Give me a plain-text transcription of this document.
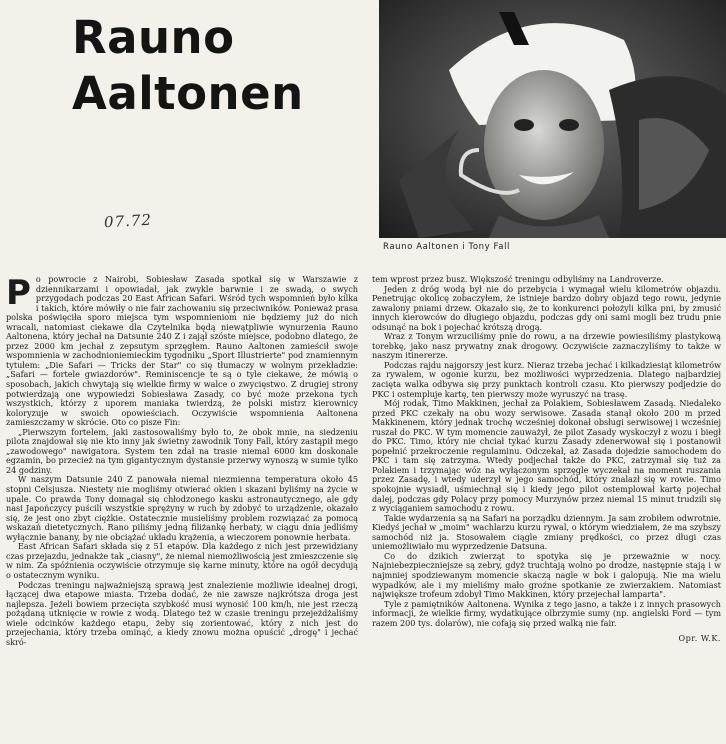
Rauno
Aaltonen
Rauno Aaltonen i Tony Fall
07.72

Po powrocie z Nairobi, Sobiesław Zasada spotkał się w Warszawie z dziennikarzami i opowiadał, jak zwykle barwnie i ze swadą, o swych przygodach podczas 20 East African Safari. Wśród tych wspomnień było kilka i takich, które mówiły o nie fair zachowaniu się przeciwników. Ponieważ prasa polska poświęciła sporo miejsca tym wspomnieniom nie będziemy już do nich wracali, natomiast ciekawe dla Czytelnika będą niewątpliwie wynurzenia Rauno Aaltonena, który jechał na Datsunie 240 Z i zajął szóste miejsce, podobno dlatego, że przez 2000 km jechał z zepsutym sprzęgłem. Rauno Aaltonen zamieścił swoje wspomnienia w zachodnioniemieckim tygodniku „Sport Illustrierte" pod znamiennym tytułem: „Die Safari — Tricks der Star" co się tłumaczy w wolnym przekładzie: „Safari — fortele gwiazdorów". Reminiscencje te są o tyle ciekawe, że mówią o sposobach, jakich chwytają się wielkie firmy w walce o zwycięstwo. Z drugiej strony potwierdzają one wypowiedzi Sobiesława Zasady, co być może przekona tych wszystkich, którzy z uporem maniaka twierdzą, że polski mistrz kierownicy koloryzuje w swoich opowieściach. Oczywiście wspomnienia Aaltonena zamieszczamy w skrócie. Oto co pisze Fin:

„Pierwszym fortelem, jaki zastosowaliśmy było to, że obok mnie, na siedzeniu pilota znajdował się nie kto inny jak świetny zawodnik Tony Fall, który zastąpił mego „zawodowego" nawigatora. System ten zdał na trasie niemal 6000 km doskonale egzamin, bo przecież na tym gigantycznym dystansie przerwy wynoszą w sumie tylko 24 godziny.

W naszym Datsunie 240 Z panowała niemal niezmienna temperatura około 45 stopni Celsjusza. Niestety nie mogliśmy otwierać okien i skazani byliśmy na życie w upale. Co prawda Tony domagał się chłodzonego kasku astronautycznego, ale gdy nasi Japończycy puścili wszystkie sprężyny w ruch by zdobyć to urządzenie, okazało się, że jest ono zbyt ciężkie. Ostatecznie musieliśmy problem rozwiązać za pomocą wskazań dietetycznych. Rano piliśmy jedną filiżankę herbaty, w ciągu dnia jedliśmy wyłącznie banany, by nie obciążać układu krążenia, a wieczorem ponownie herbata.

East African Safari składa się z 51 etapów. Dla każdego z nich jest przewidziany czas przejazdu, jednakże tak „ciasny", że niemal niemożliwością jest zmieszczenie się w nim. Za spóźnienia oczywiście otrzymuje się karne minuty, które na ogół decydują o ostatecznym wyniku.

Podczas treningu najważniejszą sprawą jest znalezienie możliwie idealnej drogi, łączącej dwa etapowe miasta. Trzeba dodać, że nie zawsze najkrótsza droga jest najlepsza. Jeżeli bowiem przecięta szybkość musi wynosić 100 km/h, nie jest rzeczą pożądaną utknięcie w rowie z wodą. Dlatego też w czasie treningu przejeżdżaliśmy wiele odcinków każdego etapu, żeby się zorientować, który z nich jest do przejechania, który trzeba ominąć, a kiedy znowu można opuścić „drogę" i jechać skró-

tem wprost przez busz. Większość treningu odbyliśmy na Landroverze.

Jeden z dróg wodą był nie do przebycia i wymagał wielu kilometrów objazdu. Penetrując okolicę zobaczyłem, że istnieje bardzo dobry objazd tego rowu, jedynie zawalony pniami drzew. Okazało się, że to konkurenci położyli kilka pni, by zmusić innych kierowców do długiego objazdu, podczas gdy oni sami mogli bez trudu pnie odsunąć na bok i pojechać krótszą drogą.

Wraz z Tonym wrzuciliśmy pnie do rowu, a na drzewie powiesiliśmy plastykową torebkę, jako nasz prywatny znak drogowy. Oczywiście zaznaczyliśmy to także w naszym itinererze.

Podczas rajdu najgorszy jest kurz. Nieraz trzeba jechać i kilkadziesiąt kilometrów za rywalem, w ogonie kurzu, bez możliwości wyprzedzenia. Dlatego najbardziej zacięta walka odbywa się przy punktach kontroli czasu. Kto pierwszy podjedzie do PKC i ostempluje kartę, ten pierwszy może wyruszyć na trasę.

Mój rodak, Timo Makkinen, jechał za Polakiem, Sobiesławem Zasadą. Niedaleko przed PKC czekały na obu wozy serwisowe. Zasada stanął około 200 m przed Makkinenem, który jednak trochę wcześniej dokonał obsługi serwisowej i wcześniej ruszał do PKC. W tym momencie zauważył, że pilot Zasady wyskoczył z wozu i biegł do PKC. Timo, który nie chciał tykać kurzu Zasady zdenerwował się i postanowił popełnić przekroczenie regulaminu. Odczekał, aż Zasada dojedzie samochodem do PKC i tam się zatrzyma. Wtedy podjechał także do PKC, zatrzymał się tuż za Polakiem i trzymając wóz na wyłączonym sprzęgle wyczekał na moment ruszania przez Zasadę, i wtedy uderzył w jego samochód, który znalazł się w rowie. Timo spokojnie wysiadł, uśmiechnął się i kiedy jego pilot ostemplował kartę pojechał dalej, podczas gdy Polacy przy pomocy Murzynów przez niemal 15 minut trudzili się z wyciąganiem samochodu z rowu.

Takie wydarzenia są na Safari na porządku dziennym. Ja sam zrobiłem odwrotnie. Kiedyś jechał w „moim" wachlarzu kurzu rywal, o którym wiedziałem, że ma szybszy samochód niż ja. Stosowałem ciągle zmiany prędkości, co przez długi czas uniemożliwiało mu wyprzedzenie Datsuna.

Co do dzikich zwierząt to spotyka się je przeważnie w nocy. Najniebezpieczniejsze są zebry, gdyż truchtają wolno po drodze, następnie stają i w najmniej spodziewanym momencie skaczą nagle w bok i galopują. Nie ma wielu wypadków, ale i my mieliśmy mało groźne spotkanie ze zwierzakiem. Natomiast największe trofeum zdobył Timo Makkinen, który przejechał lamparta".

Tyle z pamiętników Aaltonena. Wynika z tego jasno, a także i z innych prasowych informacji, że wielkie firmy, wydatkujące olbrzymie sumy (np. angielski Ford — tym razem 200 tys. dolarów), nie cofają się przed walką nie fair.

Opr. W.K.
